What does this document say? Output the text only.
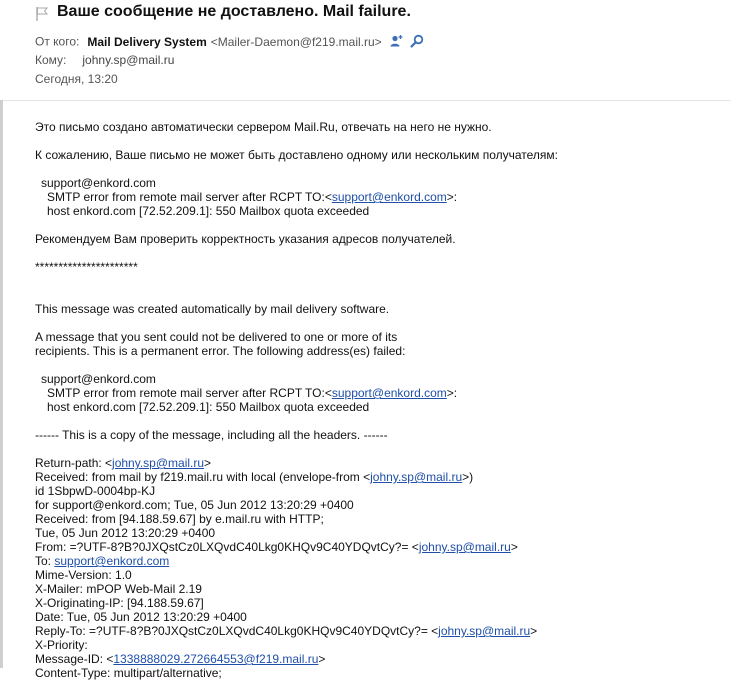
Ваше сообщение не доставлено. Mail failure.
От кого: Mail Delivery System <Mailer-Daemon@f219.mail.ru>
Кому: johny.sp@mail.ru
Сегодня, 13:20
Это письмо создано автоматически сервером Mail.Ru, отвечать на него не нужно.
К сожалению, Ваше письмо не может быть доставлено одному или нескольким получателям:
support@enkord.com
SMTP error from remote mail server after RCPT TO:<support@enkord.com>:
host enkord.com [72.52.209.1]: 550 Mailbox quota exceeded
Рекомендуем Вам проверить корректность указания адресов получателей.
**********************
This message was created automatically by mail delivery software.
A message that you sent could not be delivered to one or more of its
recipients. This is a permanent error. The following address(es) failed:
support@enkord.com
SMTP error from remote mail server after RCPT TO:<support@enkord.com>:
host enkord.com [72.52.209.1]: 550 Mailbox quota exceeded
------ This is a copy of the message, including all the headers. ------
Return-path: <johny.sp@mail.ru>
Received: from mail by f219.mail.ru with local (envelope-from <johny.sp@mail.ru>)
id 1SbpwD-0004bp-KJ
for support@enkord.com; Tue, 05 Jun 2012 13:20:29 +0400
Received: from [94.188.59.67] by e.mail.ru with HTTP;
Tue, 05 Jun 2012 13:20:29 +0400
From: =?UTF-8?B?0JXQstCz0LXQvdC40Lkg0KHQv9C40YDQvtCy?= <johny.sp@mail.ru>
To: support@enkord.com
Mime-Version: 1.0
X-Mailer: mPOP Web-Mail 2.19
X-Originating-IP: [94.188.59.67]
Date: Tue, 05 Jun 2012 13:20:29 +0400
Reply-To: =?UTF-8?B?0JXQstCz0LXQvdC40Lkg0KHQv9C40YDQvtCy?= <johny.sp@mail.ru>
X-Priority:
Message-ID: <1338888029.272664553@f219.mail.ru>
Content-Type: multipart/alternative;
